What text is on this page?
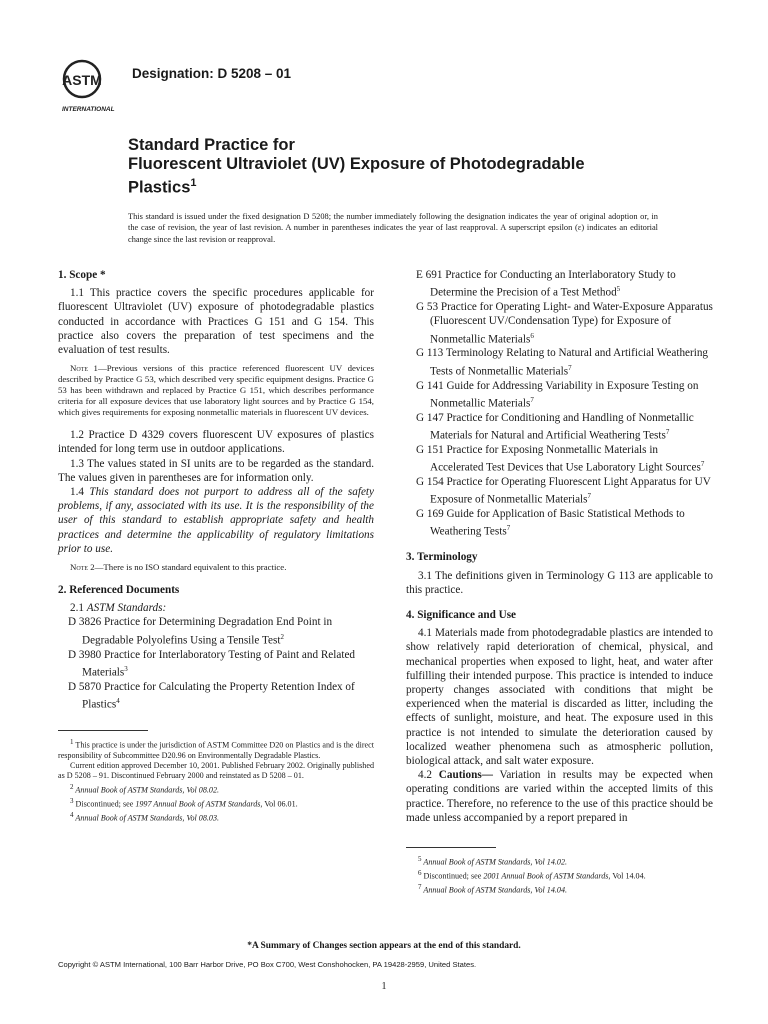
ASTM
INTERNATIONAL
Designation: D 5208 – 01
Standard Practice for
Fluorescent Ultraviolet (UV) Exposure of Photodegradable
Plastics$^1$
This standard is issued under the fixed designation D 5208; the number immediately following the designation indicates the year of original adoption or, in the case of revision, the year of last revision. A number in parentheses indicates the year of last reapproval. A superscript epsilon (ε) indicates an editorial change since the last revision or reapproval.
1. Scope *

1.1 This practice covers the specific procedures applicable for fluorescent Ultraviolet (UV) exposure of photodegradable plastics conducted in accordance with Practices G 151 and G 154. This practice also covers the preparation of test specimens and the evaluation of test results.

Note 1—Previous versions of this practice referenced fluorescent UV devices described by Practice G 53, which described very specific equipment designs. Practice G 53 has been withdrawn and replaced by Practice G 151, which describes performance criteria for all exposure devices that use laboratory light sources and by Practice G 154, which gives requirements for exposing nonmetallic materials in fluorescent UV devices.

1.2 Practice D 4329 covers fluorescent UV exposures of plastics intended for long term use in outdoor applications.

1.3 The values stated in SI units are to be regarded as the standard. The values given in parentheses are for information only.

1.4 This standard does not purport to address all of the safety problems, if any, associated with its use. It is the responsibility of the user of this standard to establish appropriate safety and health practices and determine the applicability of regulatory limitations prior to use.

Note 2—There is no ISO standard equivalent to this practice.
2. Referenced Documents

2.1 ASTM Standards:

D 3826 Practice for Determining Degradation End Point in Degradable Polyolefins Using a Tensile Test$^2$

D 3980 Practice for Interlaboratory Testing of Paint and Related Materials$^3$

D 5870 Practice for Calculating the Property Retention Index of Plastics$^4$

$^1$ This practice is under the jurisdiction of ASTM Committee D20 on Plastics and is the direct responsibility of Subcommittee D20.96 on Environmentally Degradable Plastics.

Current edition approved December 10, 2001. Published February 2002. Originally published as D 5208 – 91. Discontinued February 2000 and reinstated as D 5208 – 01.

$^2$ Annual Book of ASTM Standards, Vol 08.02.

$^3$ Discontinued; see 1997 Annual Book of ASTM Standards, Vol 06.01.

$^4$ Annual Book of ASTM Standards, Vol 08.03.

E 691 Practice for Conducting an Interlaboratory Study to Determine the Precision of a Test Method$^5$

G 53 Practice for Operating Light- and Water-Exposure Apparatus (Fluorescent UV/Condensation Type) for Exposure of Nonmetallic Materials$^6$

G 113 Terminology Relating to Natural and Artificial Weathering Tests of Nonmetallic Materials$^7$

G 141 Guide for Addressing Variability in Exposure Testing on Nonmetallic Materials$^7$

G 147 Practice for Conditioning and Handling of Nonmetallic Materials for Natural and Artificial Weathering Tests$^7$

G 151 Practice for Exposing Nonmetallic Materials in Accelerated Test Devices that Use Laboratory Light Sources$^7$

G 154 Practice for Operating Fluorescent Light Apparatus for UV Exposure of Nonmetallic Materials$^7$

G 169 Guide for Application of Basic Statistical Methods to Weathering Tests$^7$

3. Terminology

3.1 The definitions given in Terminology G 113 are applicable to this practice.

4. Significance and Use

4.1 Materials made from photodegradable plastics are intended to show relatively rapid deterioration of chemical, physical, and mechanical properties when exposed to light, heat, and water after fulfilling their intended purpose. This practice is intended to induce property changes associated with conditions that might be experienced when the material is discarded as litter, including the effects of sunlight, moisture, and heat. The exposure used in this practice is not intended to simulate the deterioration caused by localized weather phenomena such as atmospheric pollution, biological attack, and salt water exposure.

4.2 Cautions— Variation in results may be expected when operating conditions are varied within the accepted limits of this practice. Therefore, no reference to the use of this practice should be made unless accompanied by a report prepared in

$^5$ Annual Book of ASTM Standards, Vol 14.02.

$^6$ Discontinued; see 2001 Annual Book of ASTM Standards, Vol 14.04.

$^7$ Annual Book of ASTM Standards, Vol 14.04.

*A Summary of Changes section appears at the end of this standard.
Copyright © ASTM International, 100 Barr Harbor Drive, PO Box C700, West Conshohocken, PA 19428-2959, United States.
1
